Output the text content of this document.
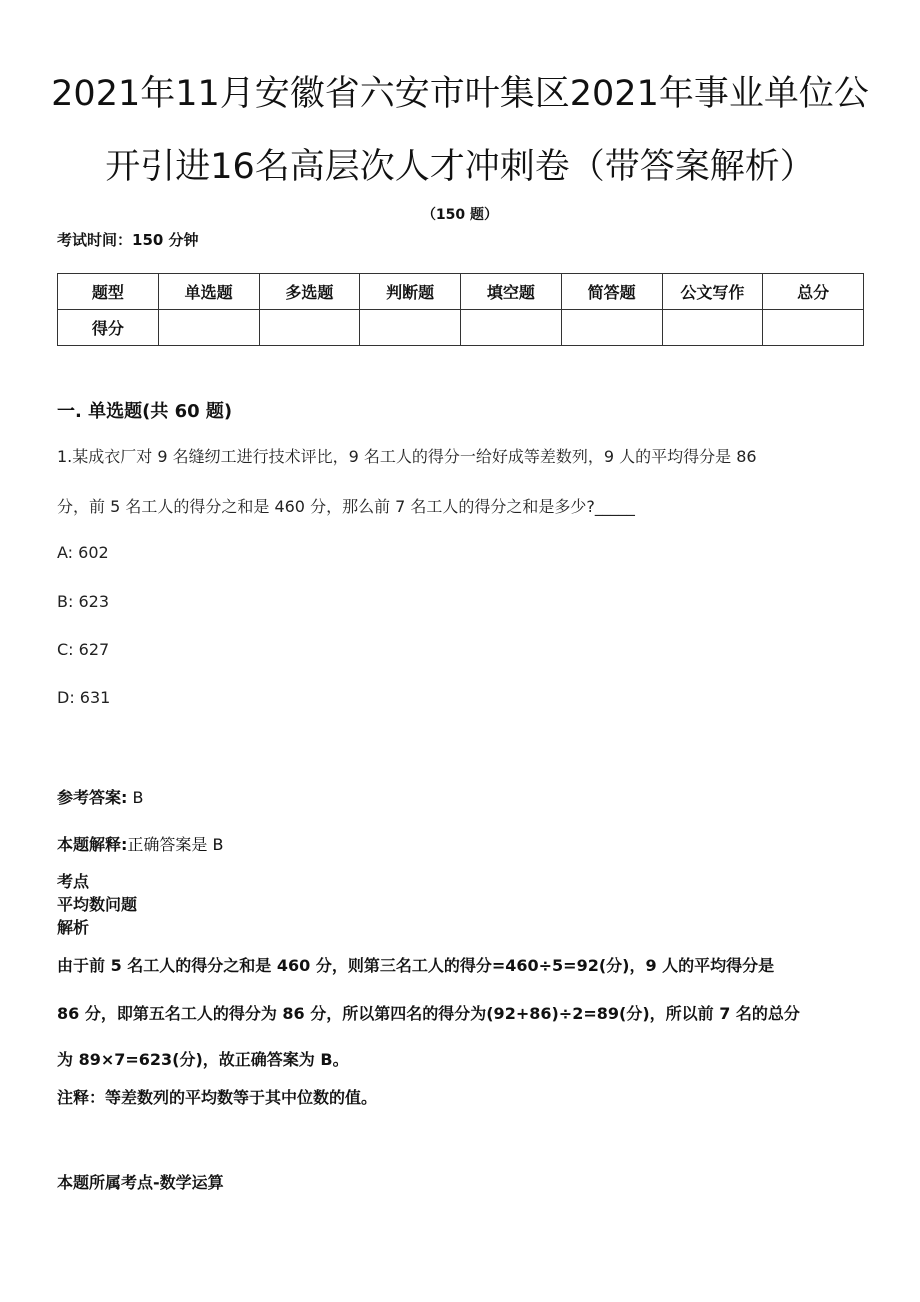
2021年11月安徽省六安市叶集区2021年事业单位公
开引进16名高层次人才冲刺卷（带答案解析）
（150 题）
考试时间：150 分钟
题型	单选题	多选题	判断题	填空题	简答题	公文写作	总分
得分							
一. 单选题(共 60 题)
1.某成衣厂对 9 名缝纫工进行技术评比，9 名工人的得分一给好成等差数列，9 人的平均得分是 86
分，前 5 名工人的得分之和是 460 分，那么前 7 名工人的得分之和是多少?_____
A: 602
B: 623
C: 627
D: 631
参考答案: B
本题解释:正确答案是 B
考点
平均数问题
解析
由于前 5 名工人的得分之和是 460 分，则第三名工人的得分=460÷5=92(分)，9 人的平均得分是
86 分，即第五名工人的得分为 86 分，所以第四名的得分为(92+86)÷2=89(分)，所以前 7 名的总分
为 89×7=623(分)，故正确答案为 B。
注释：等差数列的平均数等于其中位数的值。
本题所属考点-数学运算
